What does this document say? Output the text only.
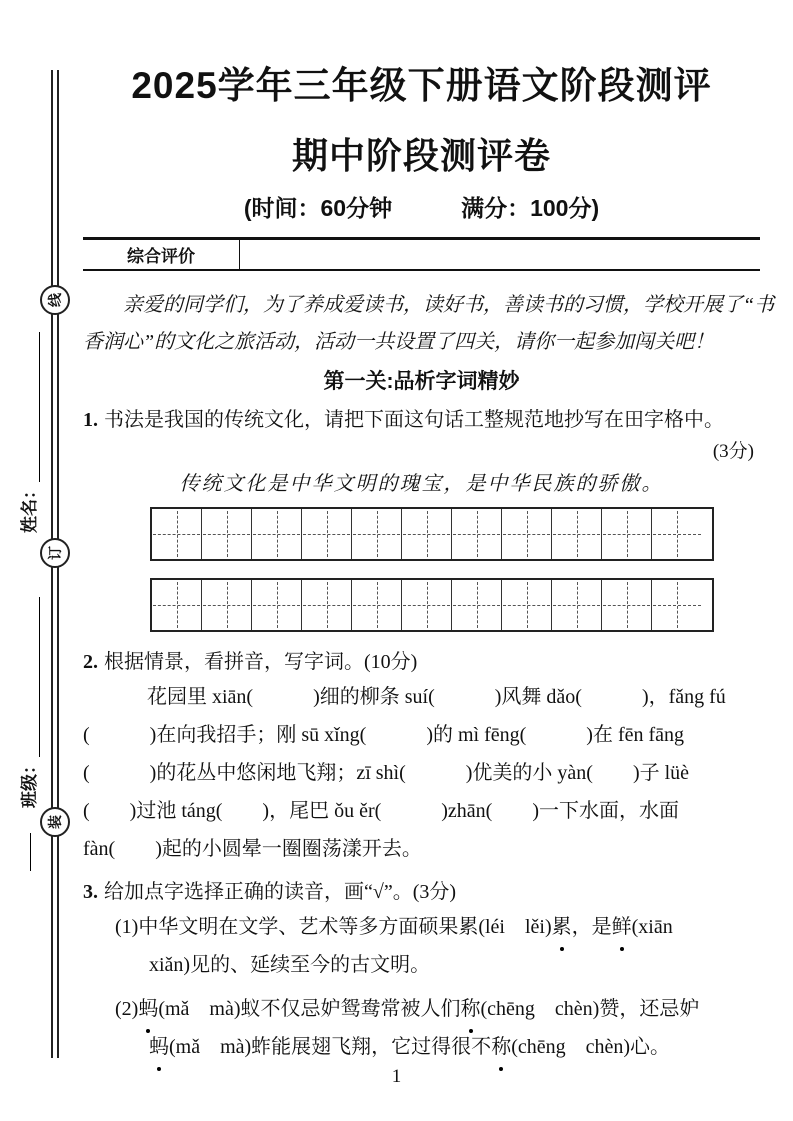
线
订
装
姓名：
班级：
2025学年三年级下册语文阶段测评
期中阶段测评卷
(时间：60分钟　　　满分：100分)
综合评价

亲爱的同学们，为了养成爱读书，读好书，善读书的习惯，学校开展了“书

香润心”的文化之旅活动，活动一共设置了四关，请你一起参加闯关吧！

第一关:品析字词精妙

1. 书法是我国的传统文化，请把下面这句话工整规范地抄写在田字格中。

(3分)

传统文化是中华文明的瑰宝，是中华民族的骄傲。

2. 根据情景，看拼音，写字词。(10分)

花园里 xiān(　　　)细的柳条 suí(　　　)风舞 dǎo(　　　)，fǎng fú

(　　　)在向我招手；刚 sū xǐng(　　　)的 mì fēng(　　　)在 fēn fāng

(　　　)的花丛中悠闲地飞翔；zī shì(　　　)优美的小 yàn(　　)子 lüè

(　　)过池 táng(　　)，尾巴 ǒu ěr(　　　)zhān(　　)一下水面，水面

fàn(　　)起的小圆晕一圈圈荡漾开去。

3. 给加点字选择正确的读音，画“√”。(3分)

(1)中华文明在文学、艺术等多方面硕果累(léi　lěi)累，是鲜(xiān

xiǎn)见的、延续至今的古文明。

(2)蚂(mǎ　mà)蚁不仅忌妒鸳鸯常被人们称(chēng　chèn)赞，还忌妒

蚂(mǎ　mà)蚱能展翅飞翔，它过得很不称(chēng　chèn)心。

1
